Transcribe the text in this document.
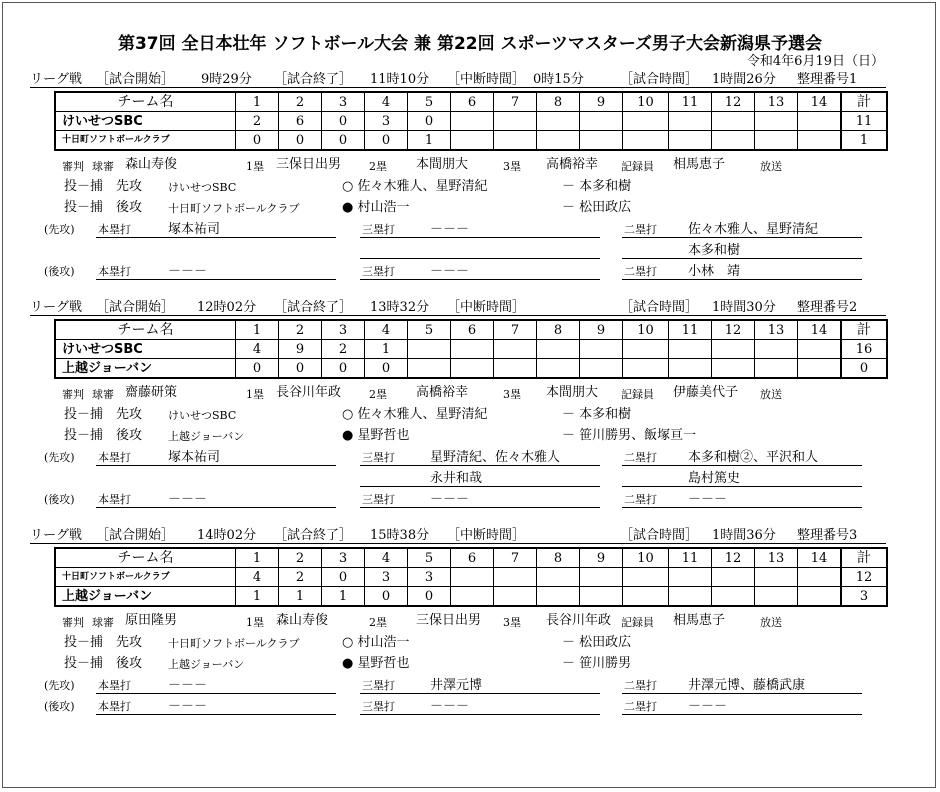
第37回 全日本壮年 ソフトボール大会 兼 第22回 スポーツマスターズ男子大会新潟県予選会
令和4年6月19日（日）
リーグ戦 ［試合開始］ 9時29分 ［試合終了］ 11時10分 ［中断時間］ 0時15分	［試合時間］ 1時間26分 整理番号1
チーム名	1	2	3	4	5	6	7	8	9	10	11	12	13	14	計
けいせつSBC	2	6	0	3	0										11
十日町ソフトボールクラブ	0	0	0	0	1										1
審判 球審 森山寿俊	1塁 三保日出男	2塁 本間朋大	3塁 高橋裕幸 記録員 相馬恵子	放送
投－捕　先攻 けいせつSBC	○ 佐々木雅人、星野清紀	－ 本多和樹
投－捕　後攻 十日町ソフトボールクラブ	● 村山浩一	－ 松田政広
(先攻) 本塁打	塚本祐司	三塁打	－－－	二塁打 佐々木雅人、星野清紀
本多和樹
(後攻) 本塁打	－－－	三塁打	－－－	二塁打 小林　靖
リーグ戦 ［試合開始］ 12時02分 ［試合終了］ 13時32分 ［中断時間］	［試合時間］ 1時間30分 整理番号2
チーム名	1	2	3	4	5	6	7	8	9	10	11	12	13	14	計
けいせつSBC	4	9	2	1											16
上越ジョーバン	0	0	0	0											0
審判 球審 齋藤研策	1塁 長谷川年政	2塁 高橋裕幸	3塁 本間朋大 記録員 伊藤美代子 放送
投－捕　先攻 けいせつSBC	○ 佐々木雅人、星野清紀	－ 本多和樹
投－捕　後攻 上越ジョーバン	● 星野哲也	－ 笹川勝男、飯塚亘一
(先攻) 本塁打	塚本祐司	三塁打	星野清紀、佐々木雅人	二塁打 本多和樹②、平沢和人
永井和哉	島村篤史
(後攻) 本塁打	－－－	三塁打	－－－	二塁打 －－－
リーグ戦 ［試合開始］ 14時02分 ［試合終了］ 15時38分 ［中断時間］	［試合時間］ 1時間36分 整理番号3
チーム名	1	2	3	4	5	6	7	8	9	10	11	12	13	14	計
十日町ソフトボールクラブ	4	2	0	3	3										12
上越ジョーバン	1	1	1	0	0										3
審判 球審 原田隆男	1塁 森山寿俊	2塁 三保日出男 3塁 長谷川年政 記録員 相馬恵子	放送
投－捕　先攻 十日町ソフトボールクラブ	○ 村山浩一	－ 松田政広
投－捕　後攻 上越ジョーバン	● 星野哲也	－ 笹川勝男
(先攻) 本塁打	－－－	三塁打	井澤元博	二塁打 井澤元博、藤橋武康
(後攻) 本塁打	－－－	三塁打	－－－	二塁打 －－－
